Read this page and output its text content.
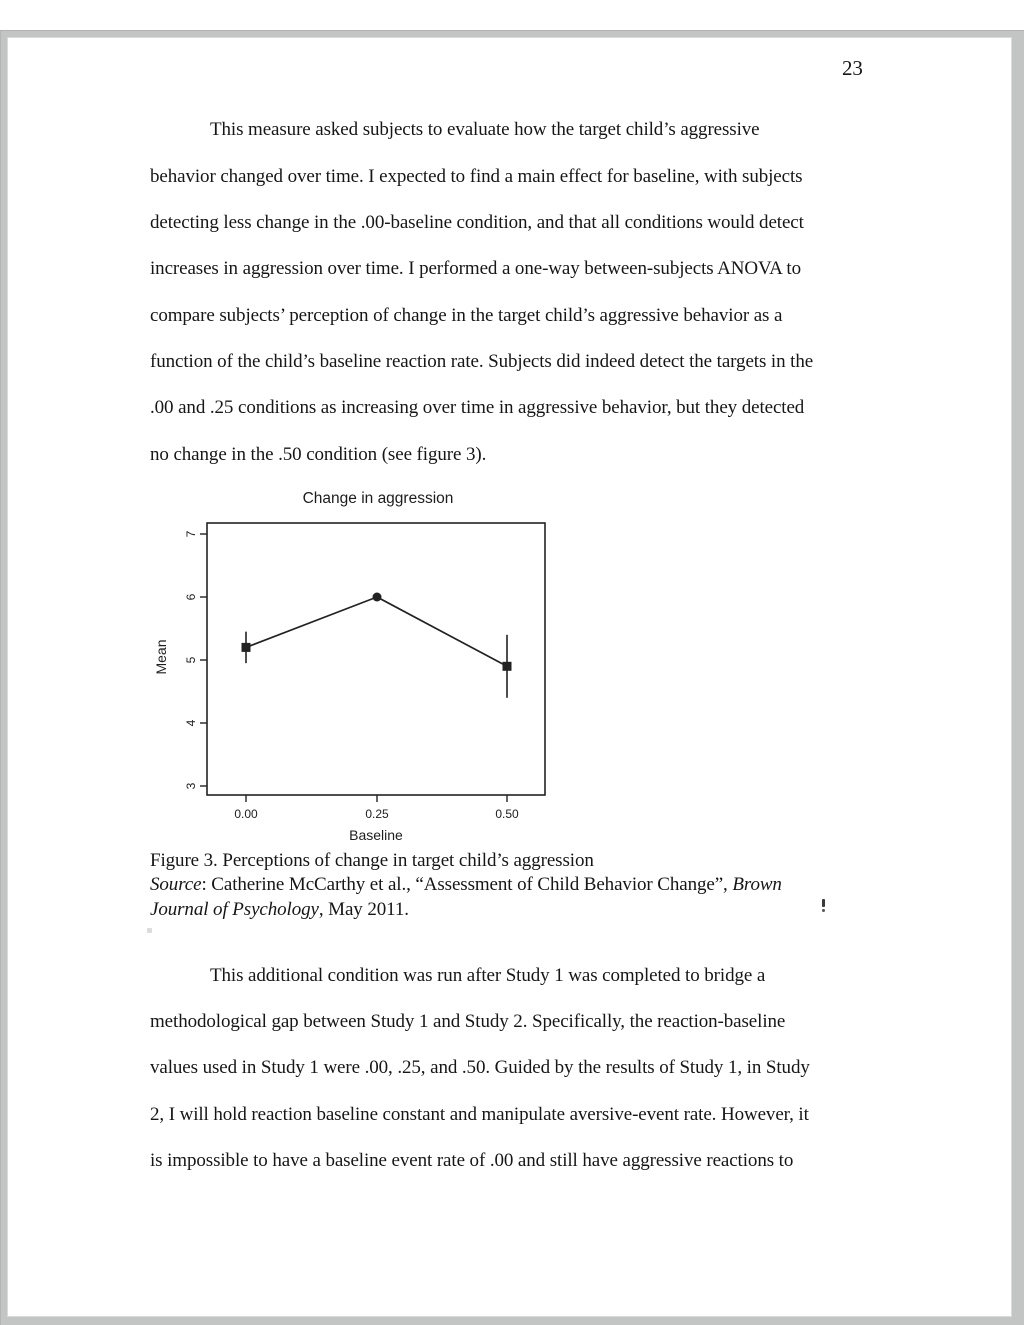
23
This measure asked subjects to evaluate how the target child’s aggressive
behavior changed over time. I expected to find a main effect for baseline, with subjects
detecting less change in the .00-baseline condition, and that all conditions would detect
increases in aggression over time. I performed a one-way between-subjects ANOVA to
compare subjects’ perception of change in the target child’s aggressive behavior as a
function of the child’s baseline reaction rate. Subjects did indeed detect the targets in the
.00 and .25 conditions as increasing over time in aggressive behavior, but they detected
no change in the .50 condition (see figure 3).
Change in aggression
3
4
5
6
7
0.00	0.25	0.50
Mean
Baseline
Figure 3. Perceptions of change in target child’s aggression
Source: Catherine McCarthy et al., “Assessment of Child Behavior Change”, Brown
Journal of Psychology, May 2011.
This additional condition was run after Study 1 was completed to bridge a
methodological gap between Study 1 and Study 2. Specifically, the reaction-baseline
values used in Study 1 were .00, .25, and .50. Guided by the results of Study 1, in Study
2, I will hold reaction baseline constant and manipulate aversive-event rate. However, it
is impossible to have a baseline event rate of .00 and still have aggressive reactions to
